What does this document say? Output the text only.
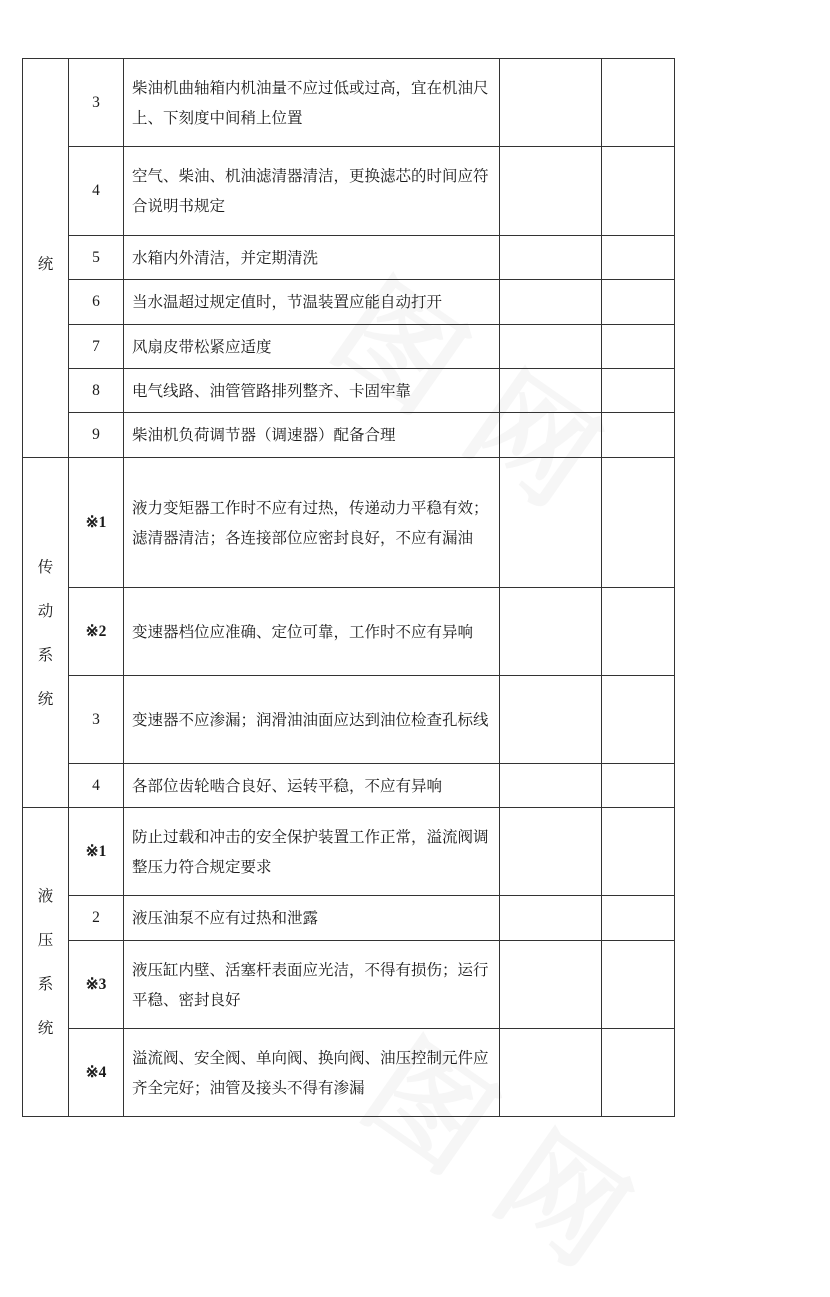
统	3	柴油机曲轴箱内机油量不应过低或过高，宜在机油尺上、下刻度中间稍上位置		
	4	空气、柴油、机油滤清器清洁，更换滤芯的时间应符合说明书规定		
	5	水箱内外清洁，并定期清洗		
	6	当水温超过规定值时，节温装置应能自动打开		
	7	风扇皮带松紧应适度		
	8	电气线路、油管管路排列整齐、卡固牢靠		
	9	柴油机负荷调节器（调速器）配备合理		

传
动
系
统	※1	液力变矩器工作时不应有过热，传递动力平稳有效；滤清器清洁；各连接部位应密封良好，不应有漏油		
	※2	变速器档位应准确、定位可靠，工作时不应有异响		
	3	变速器不应渗漏；润滑油油面应达到油位检查孔标线		
	4	各部位齿轮啮合良好、运转平稳，不应有异响		

液
压
系
统	※1	防止过载和冲击的安全保护装置工作正常，溢流阀调整压力符合规定要求		
	2	液压油泵不应有过热和泄露		
	※3	液压缸内壁、活塞杆表面应光洁，不得有损伤；运行平稳、密封良好		
	※4	溢流阀、安全阀、单向阀、换向阀、油压控制元件应齐全完好；油管及接头不得有渗漏		
